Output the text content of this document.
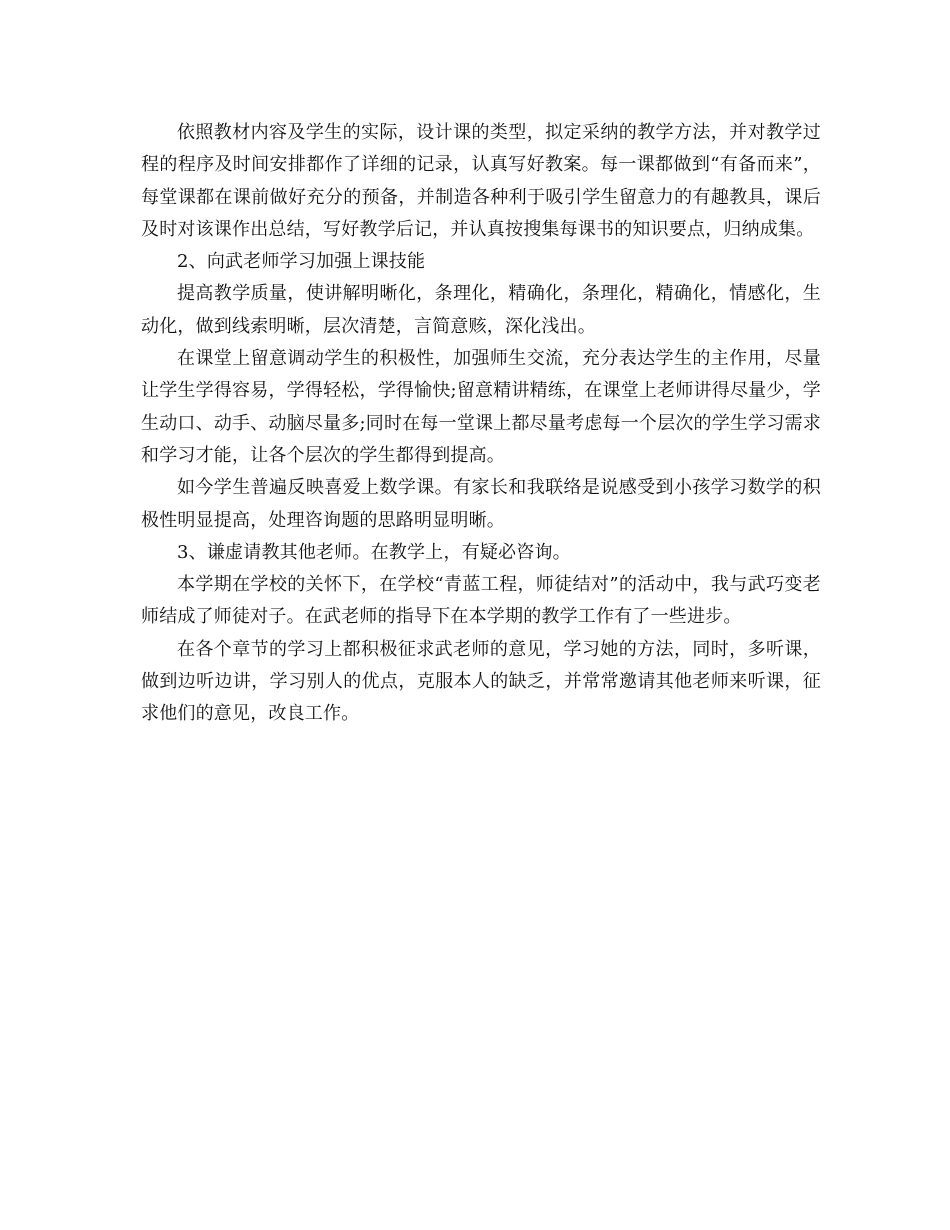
依照教材内容及学生的实际，设计课的类型，拟定采纳的教学方法，并对教学过程的程序及时间安排都作了详细的记录，认真写好教案。每一课都做到“有备而来”，每堂课都在课前做好充分的预备，并制造各种利于吸引学生留意力的有趣教具，课后及时对该课作出总结，写好教学后记，并认真按搜集每课书的知识要点，归纳成集。

2、向武老师学习加强上课技能

提高教学质量，使讲解明晰化，条理化，精确化，条理化，精确化，情感化，生动化，做到线索明晰，层次清楚，言简意赅，深化浅出。

在课堂上留意调动学生的积极性，加强师生交流，充分表达学生的主作用，尽量让学生学得容易，学得轻松，学得愉快;留意精讲精练，在课堂上老师讲得尽量少，学生动口、动手、动脑尽量多;同时在每一堂课上都尽量考虑每一个层次的学生学习需求和学习才能，让各个层次的学生都得到提高。

如今学生普遍反映喜爱上数学课。有家长和我联络是说感受到小孩学习数学的积极性明显提高，处理咨询题的思路明显明晰。

3、谦虚请教其他老师。在教学上，有疑必咨询。

本学期在学校的关怀下，在学校“青蓝工程，师徒结对”的活动中，我与武巧变老师结成了师徒对子。在武老师的指导下在本学期的教学工作有了一些进步。

在各个章节的学习上都积极征求武老师的意见，学习她的方法，同时，多听课，做到边听边讲，学习别人的优点，克服本人的缺乏，并常常邀请其他老师来听课，征求他们的意见，改良工作。
